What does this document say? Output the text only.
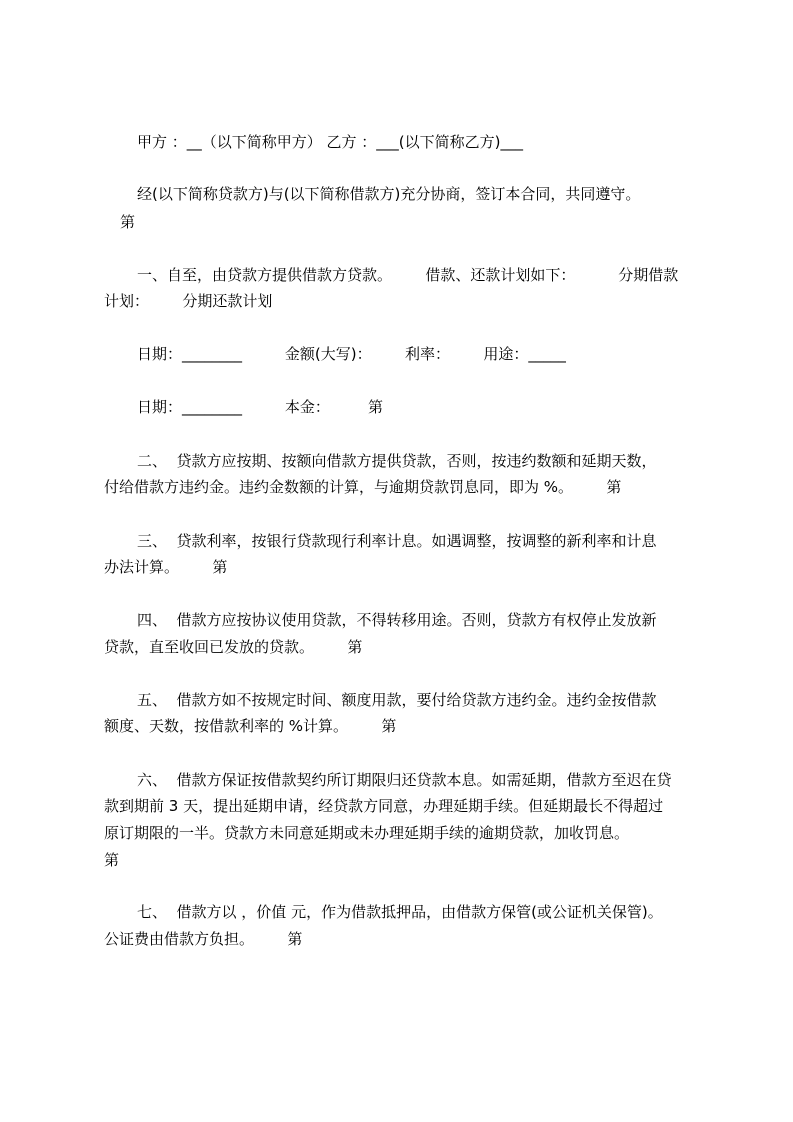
甲方 ：__（以下简称甲方） 乙方 ：___(以下简称乙方)___
经(以下简称贷款方)与(以下简称借款方)充分协商，签订本合同，共同遵守。
第
一、自至，由贷款方提供借款方贷款。       借款、还款计划如下：         分期借款
计划：       分期还款计划
日期：________         金额(大写)：       利率：       用途：_____
日期：________         本金：        第
二、  贷款方应按期、按额向借款方提供贷款，否则，按违约数额和延期天数，
付给借款方违约金。违约金数额的计算，与逾期贷款罚息同，即为 %。       第
三、  贷款利率，按银行贷款现行利率计息。如遇调整，按调整的新利率和计息
办法计算。       第
四、  借款方应按协议使用贷款，不得转移用途。否则，贷款方有权停止发放新
贷款，直至收回已发放的贷款。       第
五、  借款方如不按规定时间、额度用款，要付给贷款方违约金。违约金按借款
额度、天数，按借款利率的 %计算。       第
六、  借款方保证按借款契约所订期限归还贷款本息。如需延期，借款方至迟在贷
款到期前 3 天，提出延期申请，经贷款方同意，办理延期手续。但延期最长不得超过
原订期限的一半。贷款方未同意延期或未办理延期手续的逾期贷款，加收罚息。
第
七、  借款方以 ，价值 元，作为借款抵押品，由借款方保管(或公证机关保管)。
公证费由借款方负担。       第
